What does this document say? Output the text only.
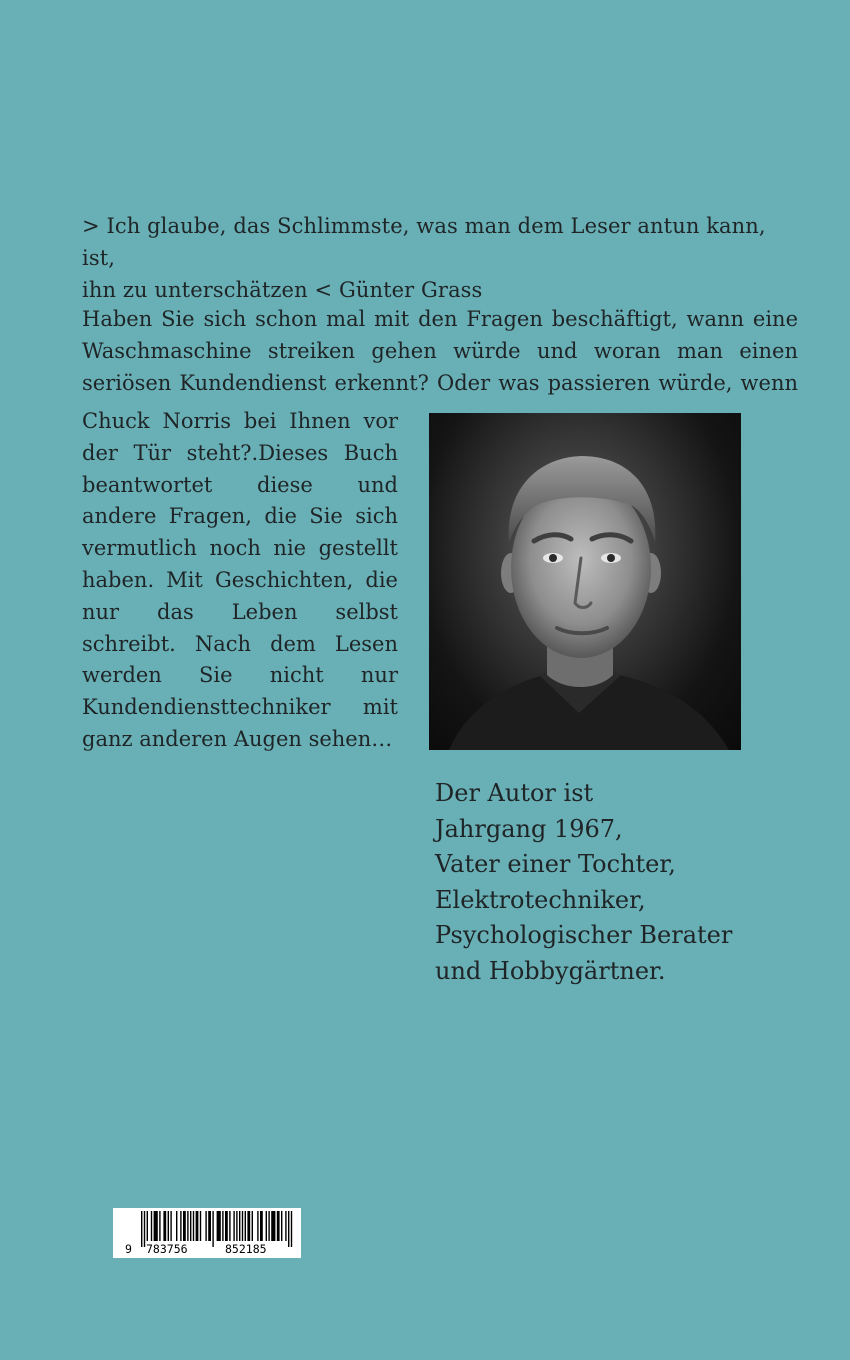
> Ich glaube, das Schlimmste, was man dem Leser antun kann, ist,
ihn zu unterschätzen < Günter Grass
Haben Sie sich schon mal mit den Fragen beschäftigt, wann eine
Waschmaschine streiken gehen würde und woran man einen
seriösen Kundendienst erkennt? Oder was passieren würde, wenn
Chuck Norris bei Ihnen vor
der Tür steht?.Dieses Buch
beantwortet diese und
andere Fragen, die Sie sich
vermutlich noch nie gestellt
haben. Mit Geschichten, die
nur das Leben selbst
schreibt. Nach dem Lesen
werden Sie nicht nur
Kundendiensttechniker mit
ganz anderen Augen sehen…
Der Autor ist
Jahrgang 1967,
Vater einer Tochter,
Elektrotechniker,
Psychologischer Berater
und Hobbygärtner.
9 783756	852185
